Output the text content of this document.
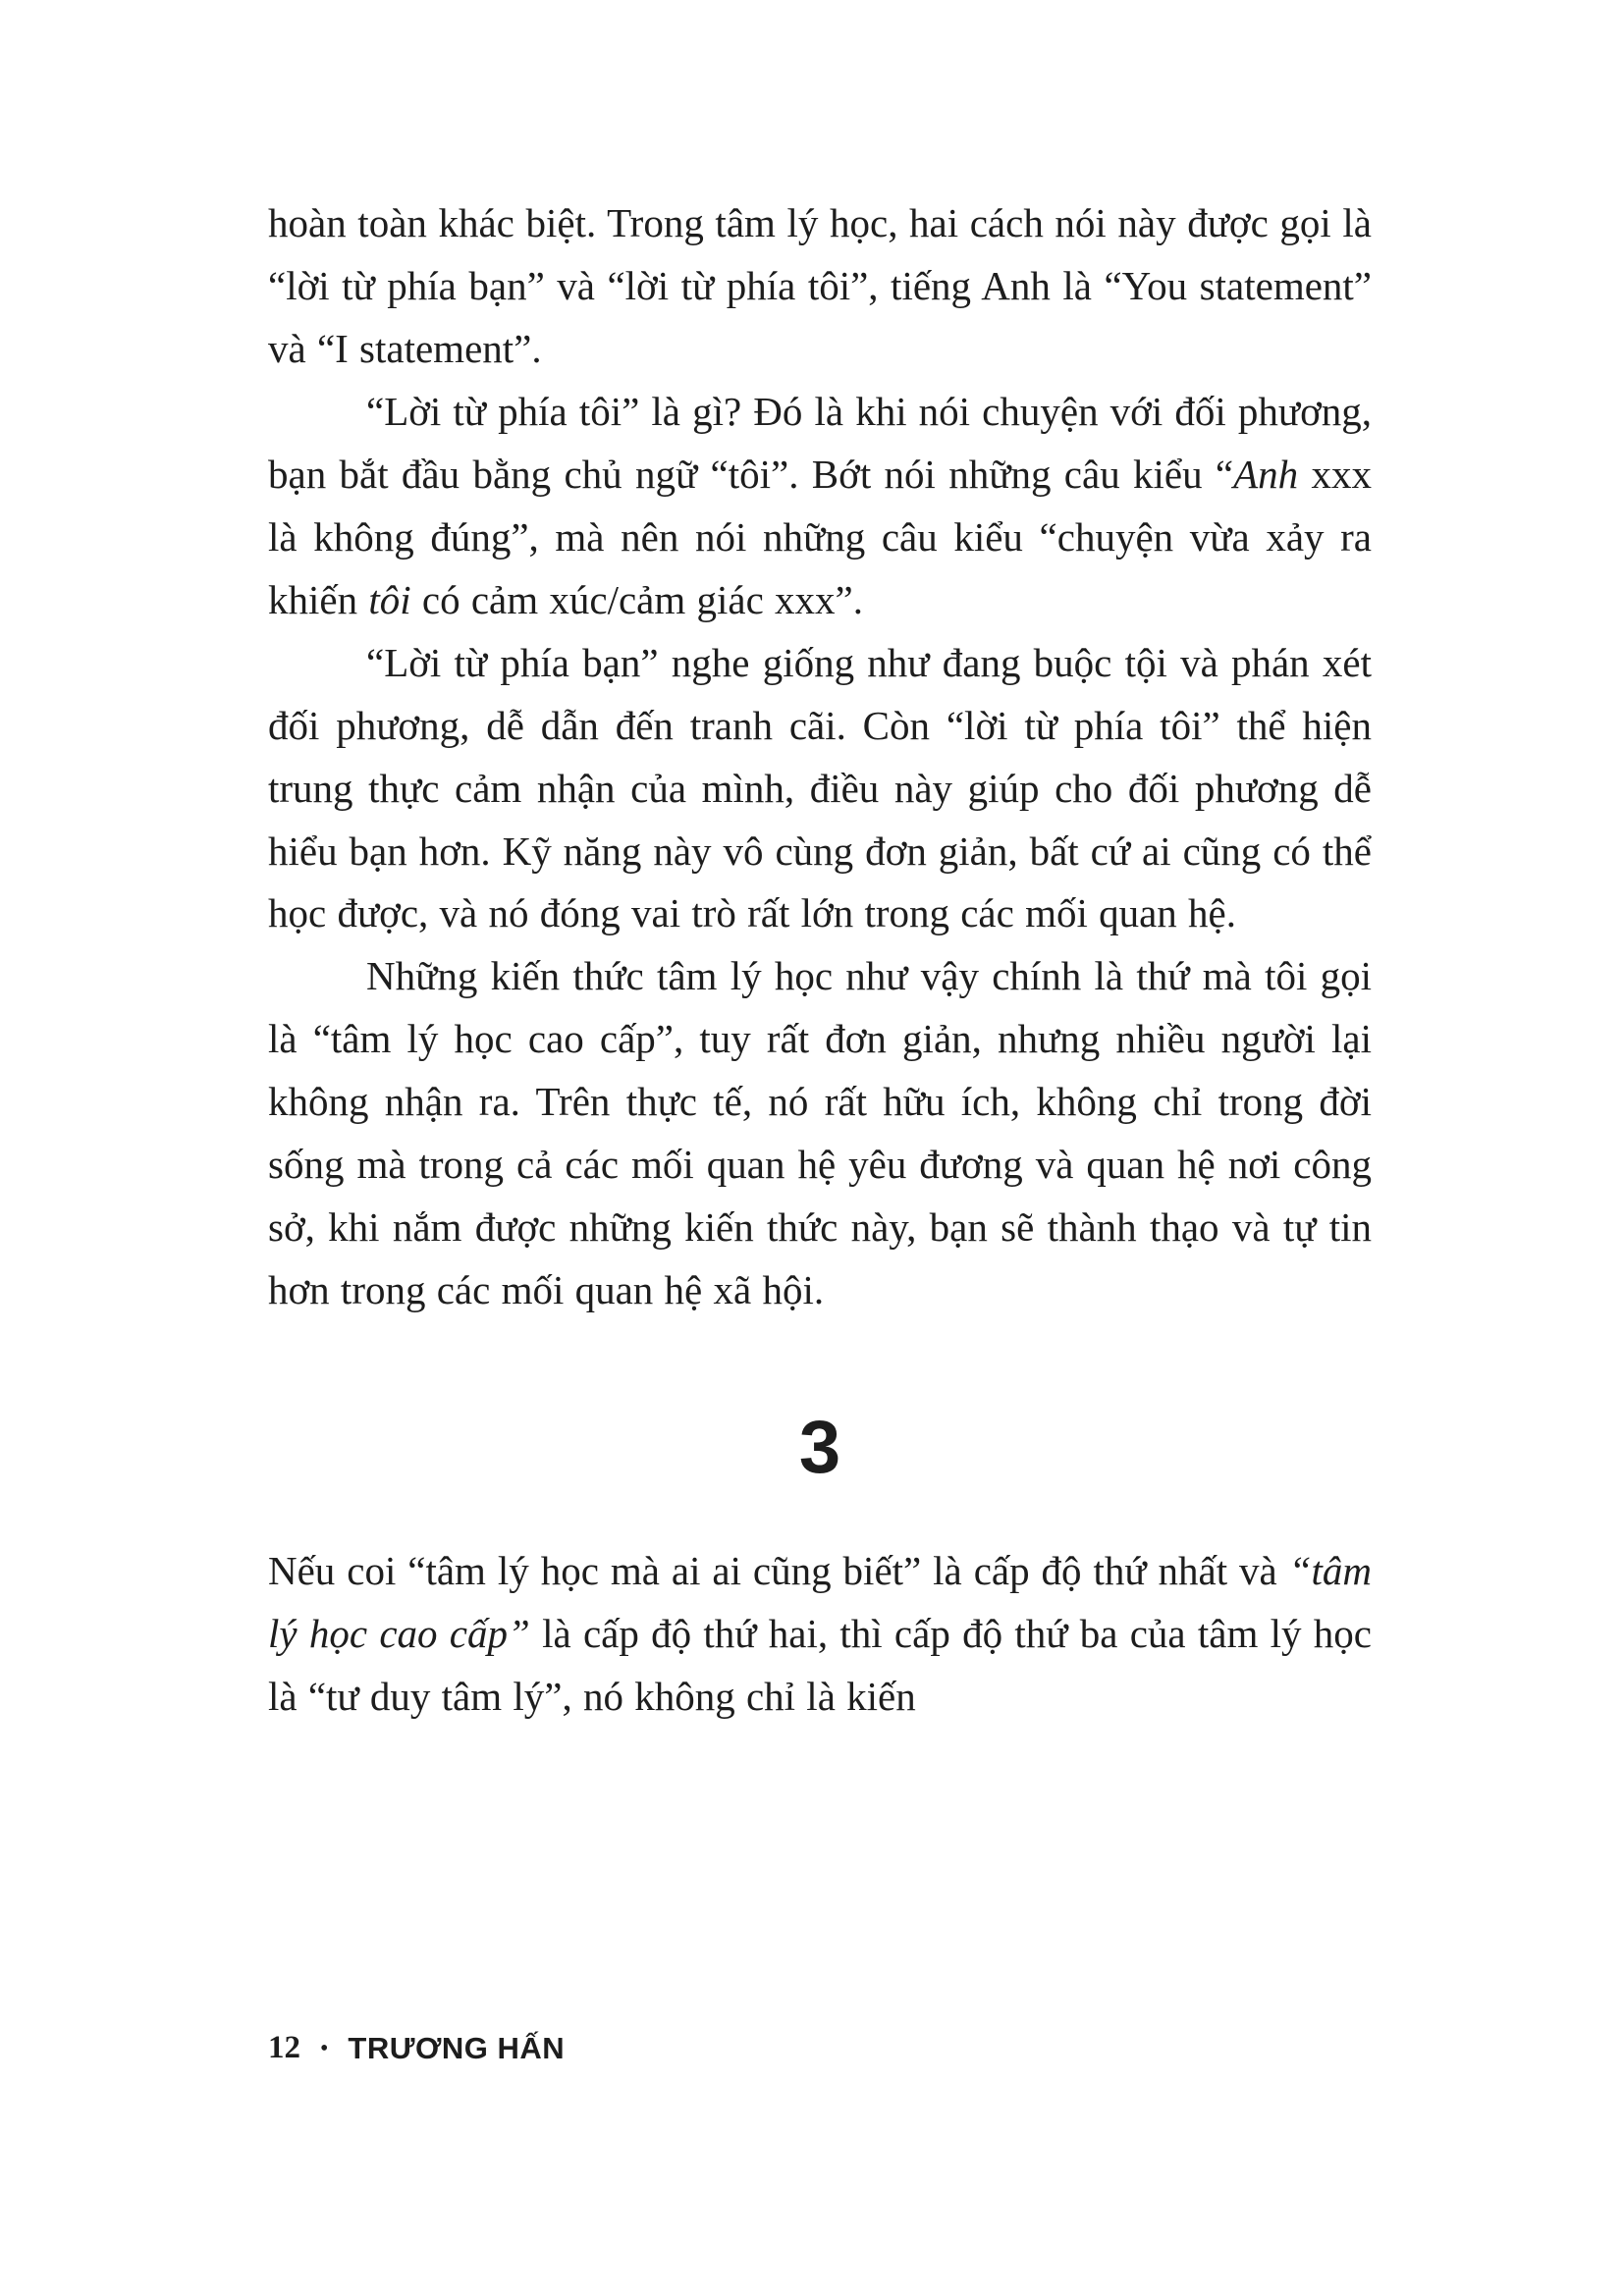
hoàn toàn khác biệt. Trong tâm lý học, hai cách nói này được gọi là “lời từ phía bạn” và “lời từ phía tôi”, tiếng Anh là “You statement” và “I statement”.

“Lời từ phía tôi” là gì? Đó là khi nói chuyện với đối phương, bạn bắt đầu bằng chủ ngữ “tôi”. Bớt nói những câu kiểu “Anh xxx là không đúng”, mà nên nói những câu kiểu “chuyện vừa xảy ra khiến tôi có cảm xúc/cảm giác xxx”.

“Lời từ phía bạn” nghe giống như đang buộc tội và phán xét đối phương, dễ dẫn đến tranh cãi. Còn “lời từ phía tôi” thể hiện trung thực cảm nhận của mình, điều này giúp cho đối phương dễ hiểu bạn hơn. Kỹ năng này vô cùng đơn giản, bất cứ ai cũng có thể học được, và nó đóng vai trò rất lớn trong các mối quan hệ.

Những kiến thức tâm lý học như vậy chính là thứ mà tôi gọi là “tâm lý học cao cấp”, tuy rất đơn giản, nhưng nhiều người lại không nhận ra. Trên thực tế, nó rất hữu ích, không chỉ trong đời sống mà trong cả các mối quan hệ yêu đương và quan hệ nơi công sở, khi nắm được những kiến thức này, bạn sẽ thành thạo và tự tin hơn trong các mối quan hệ xã hội.

3

Nếu coi “tâm lý học mà ai ai cũng biết” là cấp độ thứ nhất và “tâm lý học cao cấp” là cấp độ thứ hai, thì cấp độ thứ ba của tâm lý học là “tư duy tâm lý”, nó không chỉ là kiến

12 • TRƯƠNG HẤN
